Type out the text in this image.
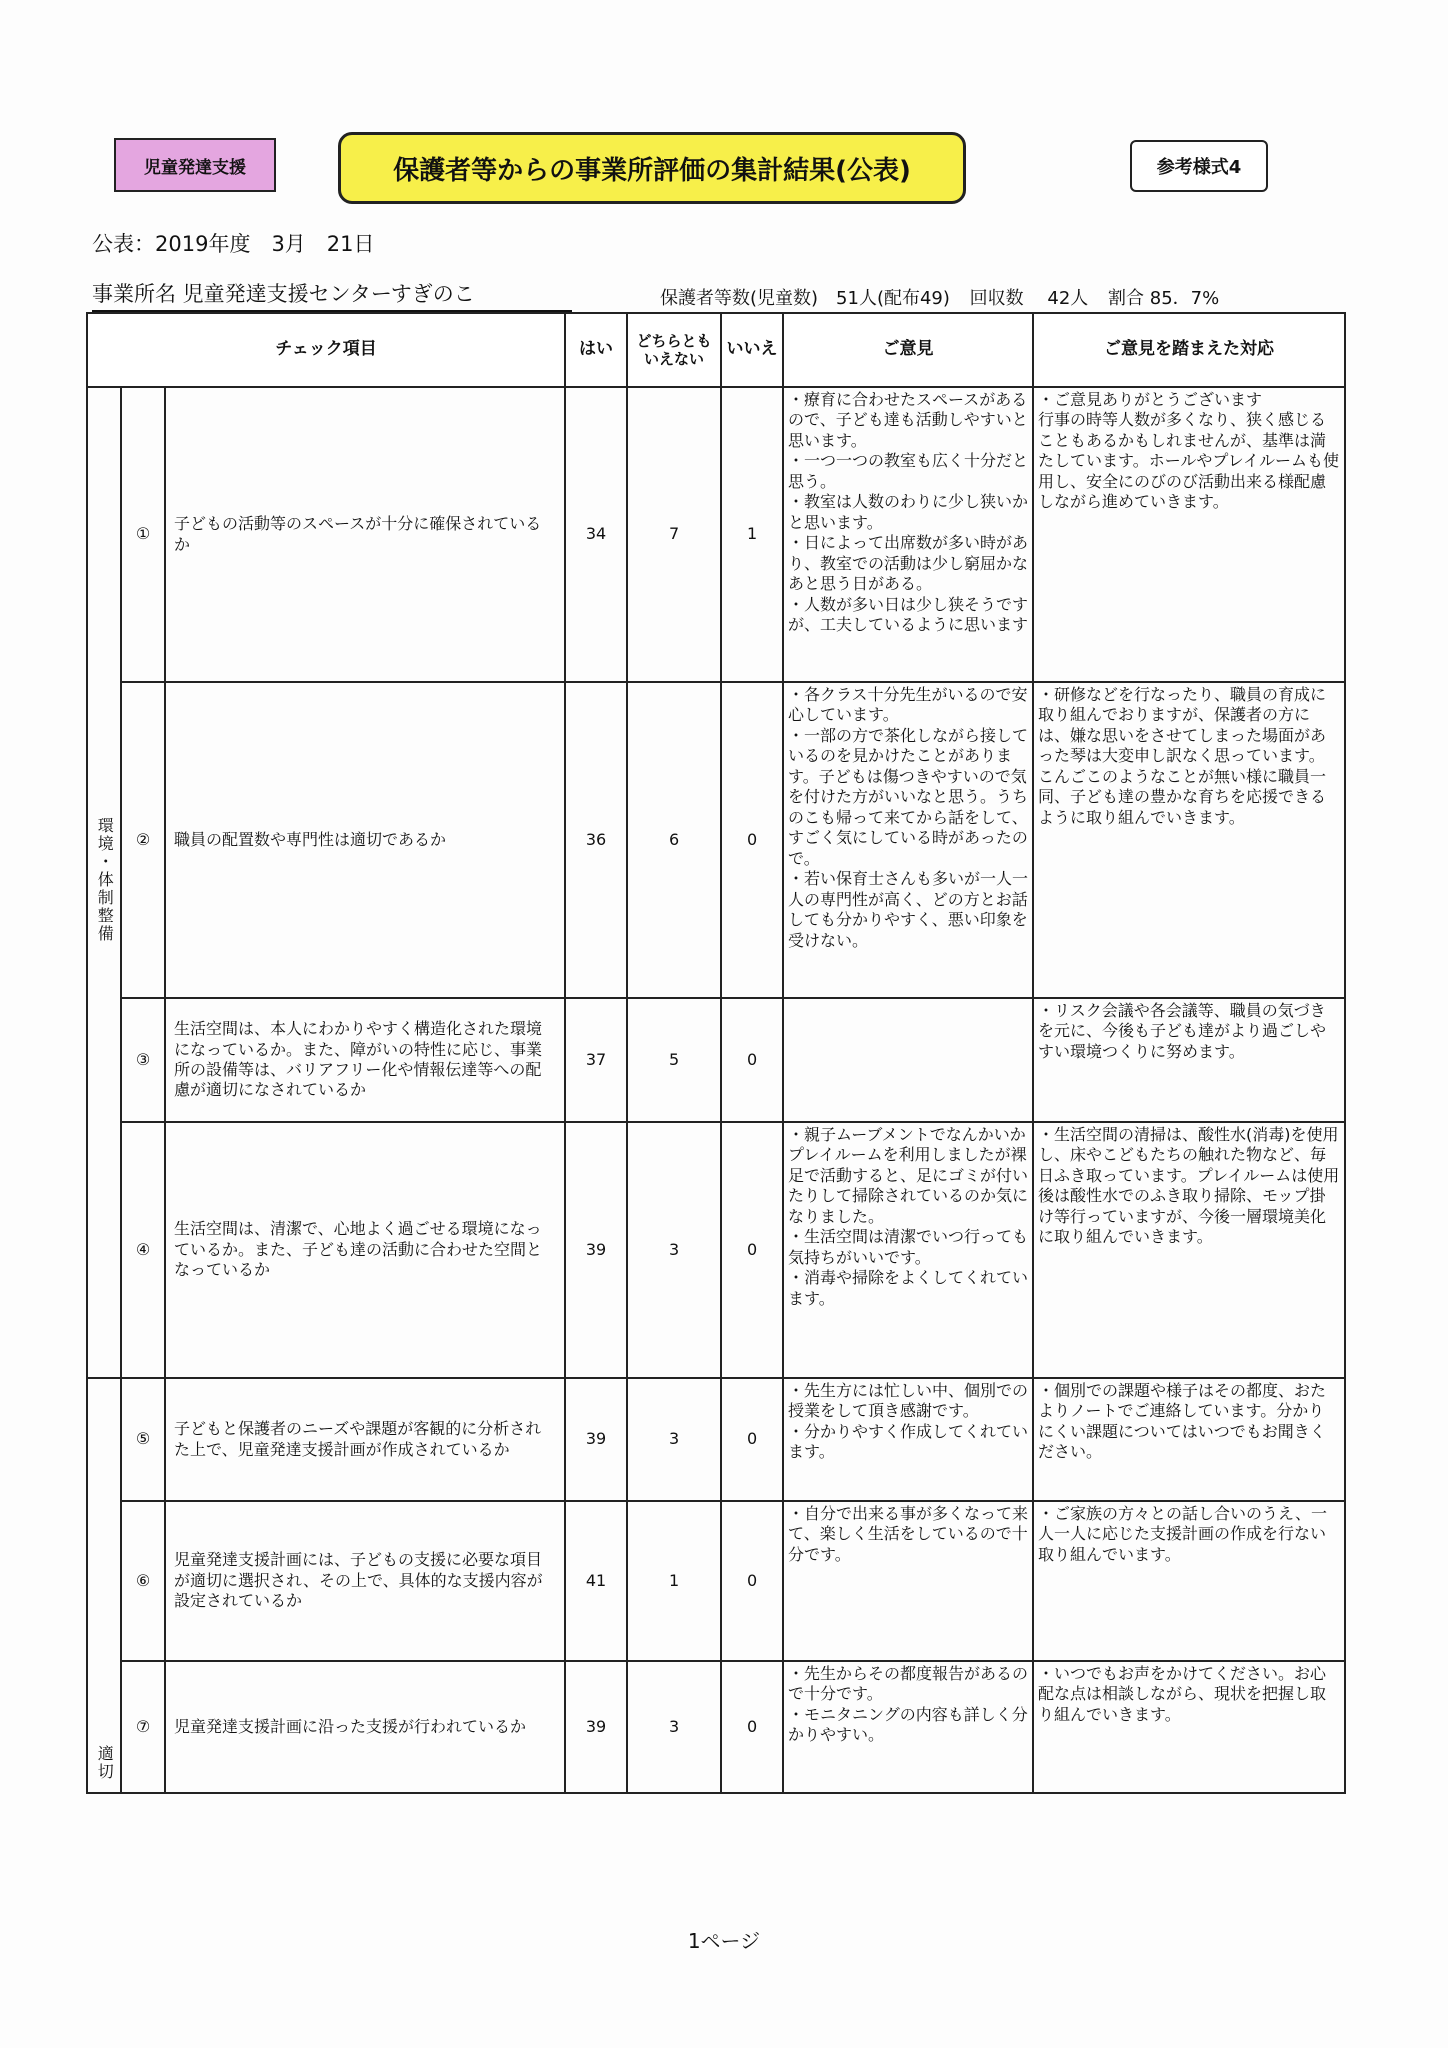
児童発達支援	保護者等からの事業所評価の集計結果(公表)	参考様式4
公表：2019年度　3月　21日
事業所名 児童発達支援センターすぎのこ	保護者等数(児童数)　51人(配布49) 回収数　 42人 割合 85．7%
チェック項目			はい	どちらとも いえない	いいえ	ご意見	ご意見を踏まえた対応
環境・体制整備	①	子どもの活動等のスペースが十分に確保されているか	34	7	1	・療育に合わせたスペースがあるので、子ども達も活動しやすいと思います。
・一つ一つの教室も広く十分だと思う。
・教室は人数のわりに少し狭いかと思います。
・日によって出席数が多い時があり、教室での活動は少し窮屈かなあと思う日がある。
・人数が多い日は少し狭そうですが、工夫しているように思います	・ご意見ありがとうございます
行事の時等人数が多くなり、狭く感じることもあるかもしれませんが、基準は満たしています。ホールやプレイルームも使用し、安全にのびのび活動出来る様配慮しながら進めていきます。
	②	職員の配置数や専門性は適切であるか	36	6	0	・各クラス十分先生がいるので安心しています。
・一部の方で茶化しながら接しているのを見かけたことがあります。子どもは傷つきやすいので気を付けた方がいいなと思う。うちのこも帰って来てから話をして、すごく気にしている時があったので。
・若い保育士さんも多いが一人一人の専門性が高く、どの方とお話しても分かりやすく、悪い印象を受けない。	・研修などを行なったり、職員の育成に取り組んでおりますが、保護者の方には、嫌な思いをさせてしまった場面があった琴は大変申し訳なく思っています。こんごこのようなことが無い様に職員一同、子ども達の豊かな育ちを応援できるように取り組んでいきます。
	③	生活空間は、本人にわかりやすく構造化された環境になっているか。また、障がいの特性に応じ、事業所の設備等は、バリアフリー化や情報伝達等への配慮が適切になされているか	37	5	0		・リスク会議や各会議等、職員の気づきを元に、今後も子ども達がより過ごしやすい環境つくりに努めます。
	④	生活空間は、清潔で、心地よく過ごせる環境になっているか。また、子ども達の活動に合わせた空間となっているか	39	3	0	・親子ムーブメントでなんかいかプレイルームを利用しましたが裸足で活動すると、足にゴミが付いたりして掃除されているのか気になりました。
・生活空間は清潔でいつ行っても気持ちがいいです。
・消毒や掃除をよくしてくれています。	・生活空間の清掃は、酸性水(消毒)を使用し、床やこどもたちの触れた物など、毎日ふき取っています。プレイルームは使用後は酸性水でのふき取り掃除、モップ掛け等行っていますが、今後一層環境美化に取り組んでいきます。
適切	⑤	子どもと保護者のニーズや課題が客観的に分析された上で、児童発達支援計画が作成されているか	39	3	0	・先生方には忙しい中、個別での授業をして頂き感謝です。
・分かりやすく作成してくれています。	・個別での課題や様子はその都度、おたよりノートでご連絡しています。分かりにくい課題についてはいつでもお聞きください。
	⑥	児童発達支援計画には、子どもの支援に必要な項目が適切に選択され、その上で、具体的な支援内容が設定されているか	41	1	0	・自分で出来る事が多くなって来て、楽しく生活をしているので十分です。	・ご家族の方々との話し合いのうえ、一人一人に応じた支援計画の作成を行ない取り組んでいます。
	⑦	児童発達支援計画に沿った支援が行われているか	39	3	0	・先生からその都度報告があるので十分です。
・モニタニングの内容も詳しく分かりやすい。	・いつでもお声をかけてください。お心配な点は相談しながら、現状を把握し取り組んでいきます。
1ページ
